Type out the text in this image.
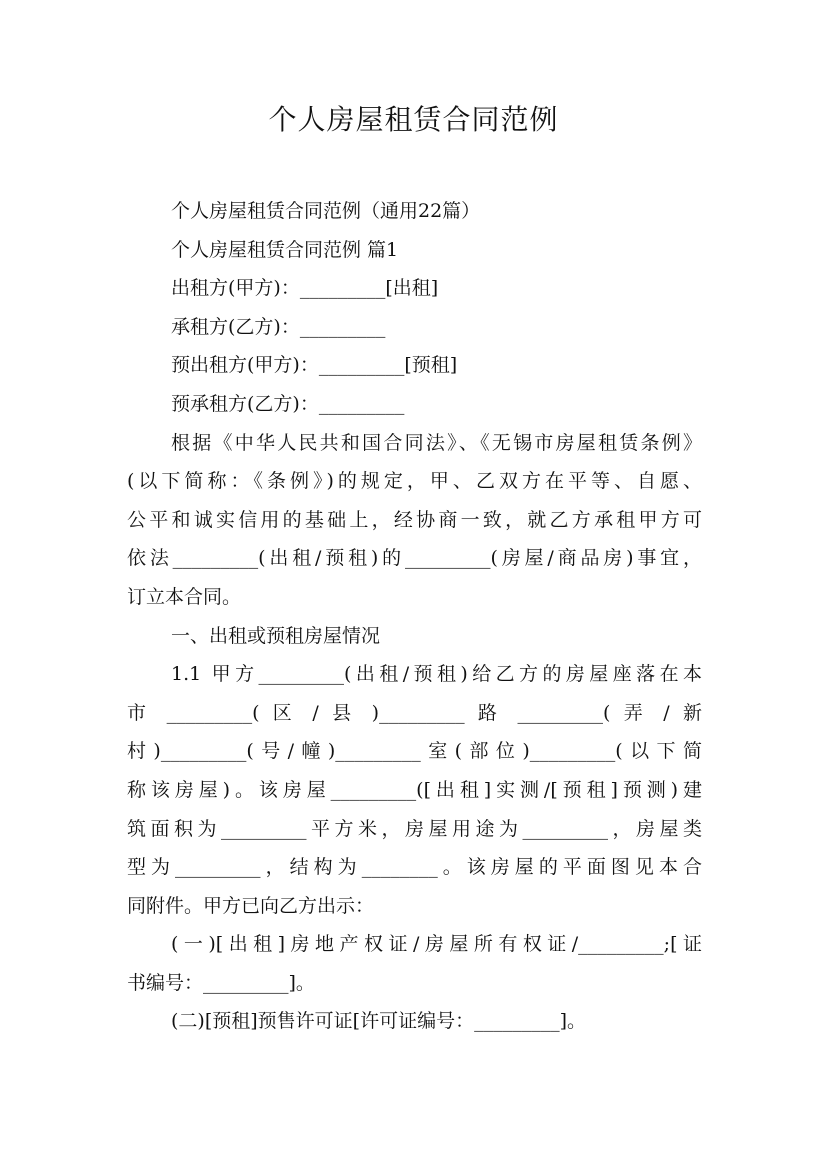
个人房屋租赁合同范例
个人房屋租赁合同范例（通用22篇）
个人房屋租赁合同范例 篇1
出租方(甲方)：_________[出租]
承租方(乙方)：_________
预出租方(甲方)：_________[预租]
预承租方(乙方)：_________
根据《中华人民共和国合同法》、《无锡市房屋租赁条例》
(以下简称：《条例》)的规定，甲、乙双方在平等、自愿、
公平和诚实信用的基础上，经协商一致，就乙方承租甲方可
依法_________(出租/预租)的_________(房屋/商品房)事宜，
订立本合同。
一、出租或预租房屋情况
1.1 甲方_________(出租/预租)给乙方的房屋座落在本
市 _________( 区 / 县 )_________ 路 _________( 弄 / 新
村)_________(号/幢)_________室(部位)_________(以下简
称该房屋)。该房屋_________([出租]实测/[预租]预测)建
筑面积为_________平方米，房屋用途为_________，房屋类
型为_________，结构为________。该房屋的平面图见本合
同附件。甲方已向乙方出示：
(一)[出租]房地产权证/房屋所有权证/_________;[证
书编号：_________]。
(二)[预租]预售许可证[许可证编号：_________]。
